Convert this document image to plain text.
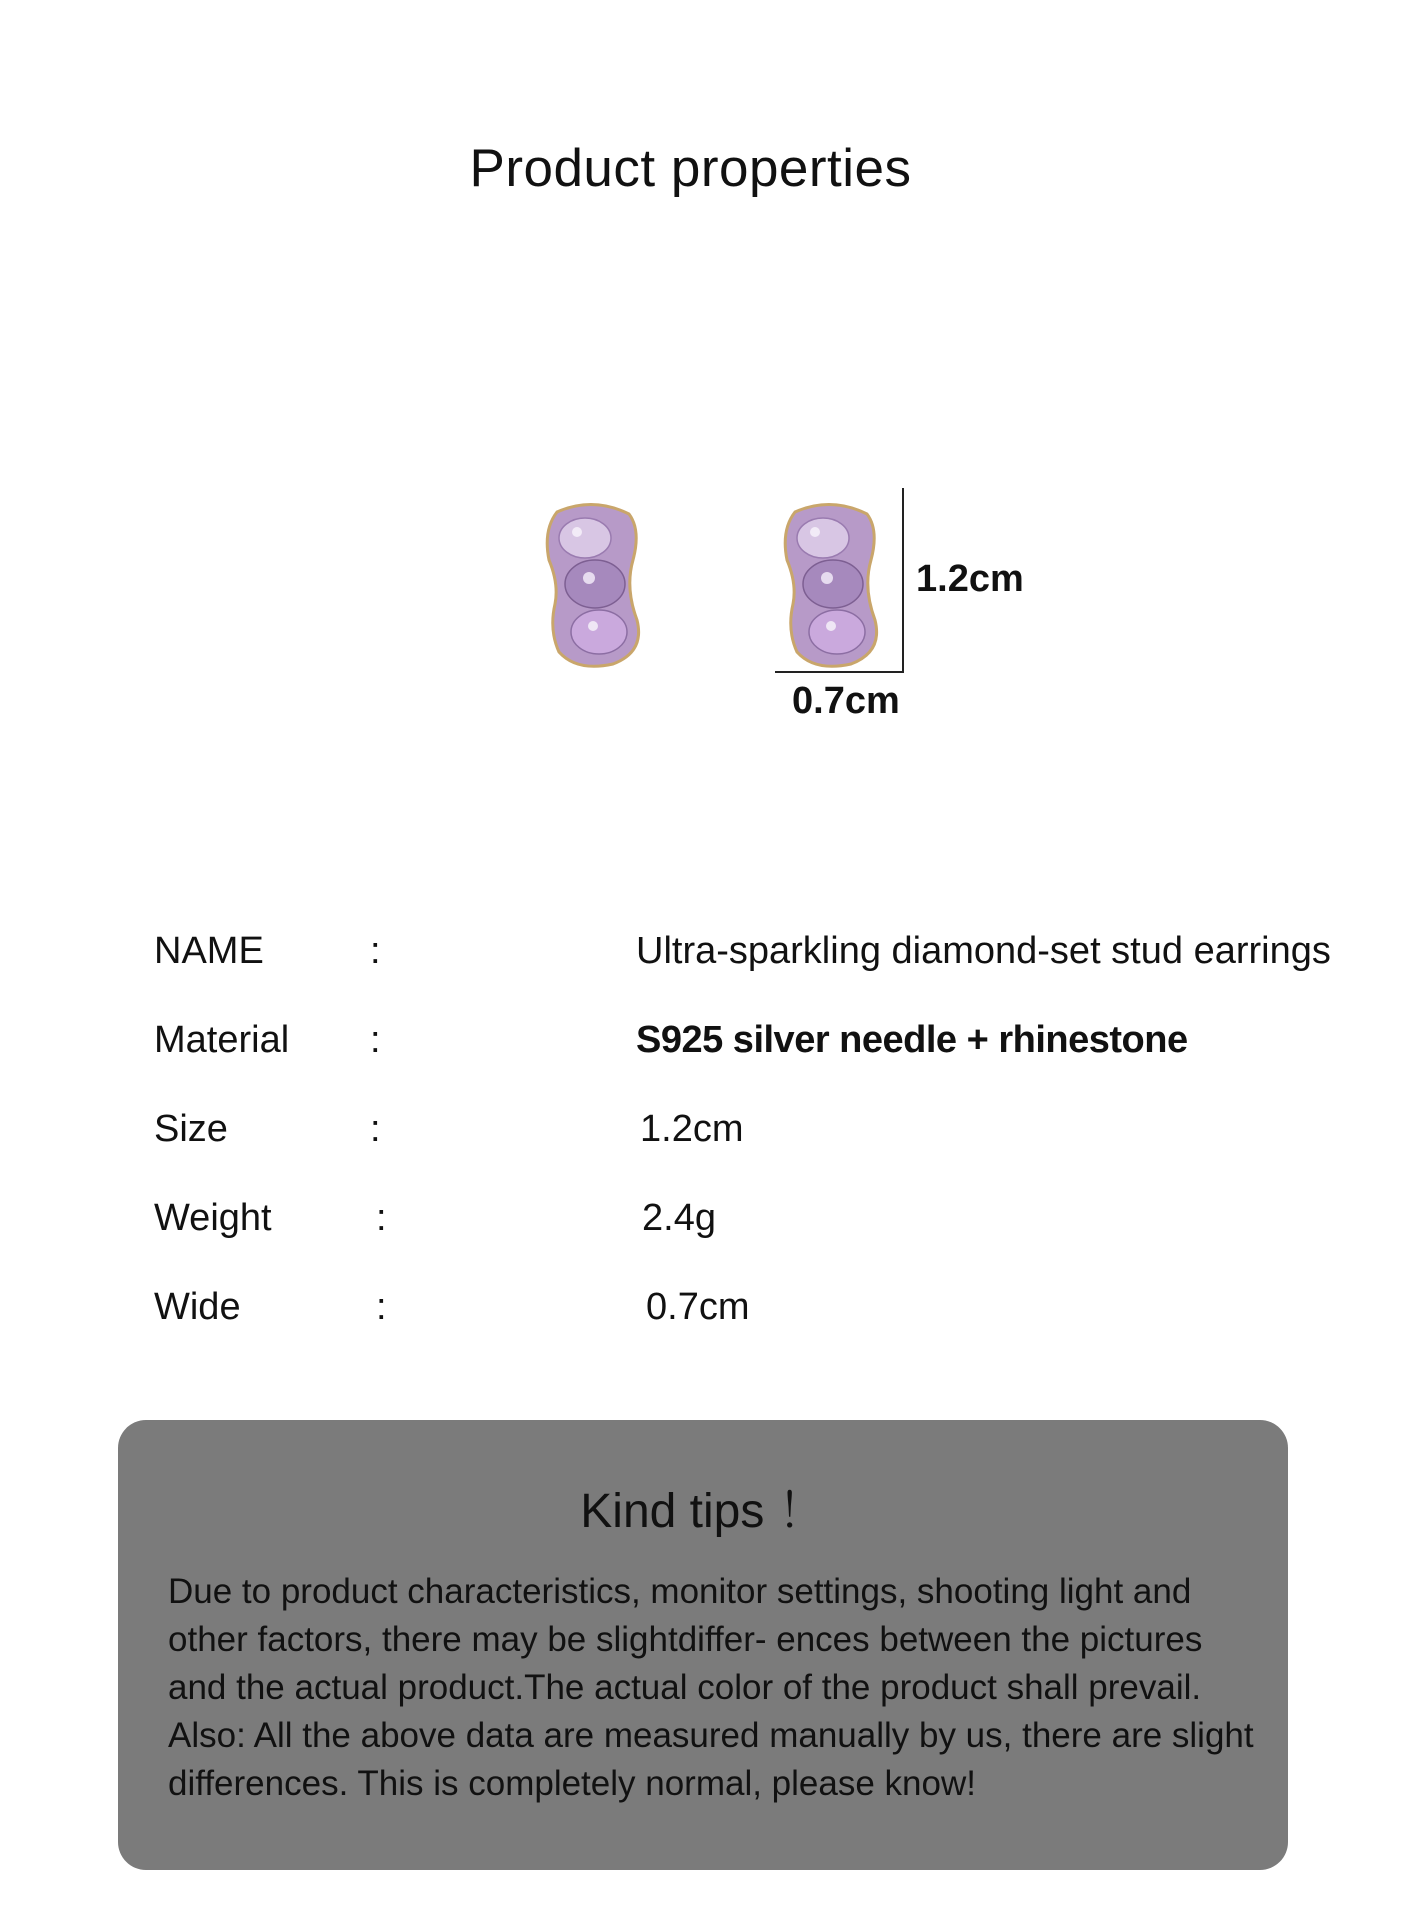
Product properties
1.2cm
0.7cm
NAME	:	Ultra-sparkling diamond-set stud earrings
Material :	S925 silver needle + rhinestone
Size	:	1.2cm
Weight	:	2.4g
Wide	:	0.7cm
Kind tips ！
Due to product characteristics, monitor settings, shooting light and other factors, there may be slightdiffer- ences between the pictures and the actual product.The actual color of the product shall prevail. Also: All the above data are measured manually by us, there are slight differences. This is completely normal, please know!
